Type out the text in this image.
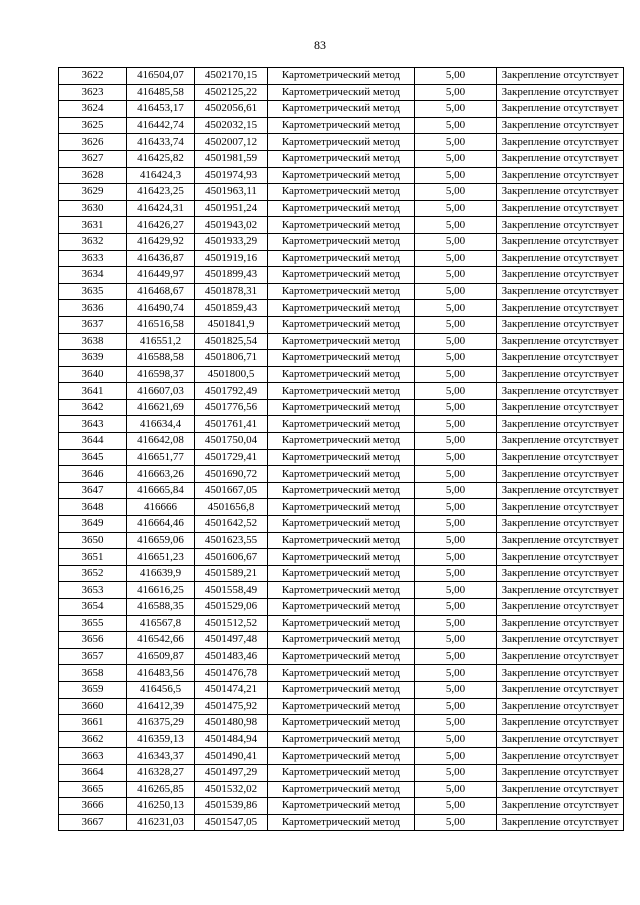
83
3622	416504,07	4502170,15	Картометрический метод	5,00	Закрепление отсутствует
3623	416485,58	4502125,22	Картометрический метод	5,00	Закрепление отсутствует
3624	416453,17	4502056,61	Картометрический метод	5,00	Закрепление отсутствует
3625	416442,74	4502032,15	Картометрический метод	5,00	Закрепление отсутствует
3626	416433,74	4502007,12	Картометрический метод	5,00	Закрепление отсутствует
3627	416425,82	4501981,59	Картометрический метод	5,00	Закрепление отсутствует
3628	416424,3	4501974,93	Картометрический метод	5,00	Закрепление отсутствует
3629	416423,25	4501963,11	Картометрический метод	5,00	Закрепление отсутствует
3630	416424,31	4501951,24	Картометрический метод	5,00	Закрепление отсутствует
3631	416426,27	4501943,02	Картометрический метод	5,00	Закрепление отсутствует
3632	416429,92	4501933,29	Картометрический метод	5,00	Закрепление отсутствует
3633	416436,87	4501919,16	Картометрический метод	5,00	Закрепление отсутствует
3634	416449,97	4501899,43	Картометрический метод	5,00	Закрепление отсутствует
3635	416468,67	4501878,31	Картометрический метод	5,00	Закрепление отсутствует
3636	416490,74	4501859,43	Картометрический метод	5,00	Закрепление отсутствует
3637	416516,58	4501841,9	Картометрический метод	5,00	Закрепление отсутствует
3638	416551,2	4501825,54	Картометрический метод	5,00	Закрепление отсутствует
3639	416588,58	4501806,71	Картометрический метод	5,00	Закрепление отсутствует
3640	416598,37	4501800,5	Картометрический метод	5,00	Закрепление отсутствует
3641	416607,03	4501792,49	Картометрический метод	5,00	Закрепление отсутствует
3642	416621,69	4501776,56	Картометрический метод	5,00	Закрепление отсутствует
3643	416634,4	4501761,41	Картометрический метод	5,00	Закрепление отсутствует
3644	416642,08	4501750,04	Картометрический метод	5,00	Закрепление отсутствует
3645	416651,77	4501729,41	Картометрический метод	5,00	Закрепление отсутствует
3646	416663,26	4501690,72	Картометрический метод	5,00	Закрепление отсутствует
3647	416665,84	4501667,05	Картометрический метод	5,00	Закрепление отсутствует
3648	416666	4501656,8	Картометрический метод	5,00	Закрепление отсутствует
3649	416664,46	4501642,52	Картометрический метод	5,00	Закрепление отсутствует
3650	416659,06	4501623,55	Картометрический метод	5,00	Закрепление отсутствует
3651	416651,23	4501606,67	Картометрический метод	5,00	Закрепление отсутствует
3652	416639,9	4501589,21	Картометрический метод	5,00	Закрепление отсутствует
3653	416616,25	4501558,49	Картометрический метод	5,00	Закрепление отсутствует
3654	416588,35	4501529,06	Картометрический метод	5,00	Закрепление отсутствует
3655	416567,8	4501512,52	Картометрический метод	5,00	Закрепление отсутствует
3656	416542,66	4501497,48	Картометрический метод	5,00	Закрепление отсутствует
3657	416509,87	4501483,46	Картометрический метод	5,00	Закрепление отсутствует
3658	416483,56	4501476,78	Картометрический метод	5,00	Закрепление отсутствует
3659	416456,5	4501474,21	Картометрический метод	5,00	Закрепление отсутствует
3660	416412,39	4501475,92	Картометрический метод	5,00	Закрепление отсутствует
3661	416375,29	4501480,98	Картометрический метод	5,00	Закрепление отсутствует
3662	416359,13	4501484,94	Картометрический метод	5,00	Закрепление отсутствует
3663	416343,37	4501490,41	Картометрический метод	5,00	Закрепление отсутствует
3664	416328,27	4501497,29	Картометрический метод	5,00	Закрепление отсутствует
3665	416265,85	4501532,02	Картометрический метод	5,00	Закрепление отсутствует
3666	416250,13	4501539,86	Картометрический метод	5,00	Закрепление отсутствует
3667	416231,03	4501547,05	Картометрический метод	5,00	Закрепление отсутствует
